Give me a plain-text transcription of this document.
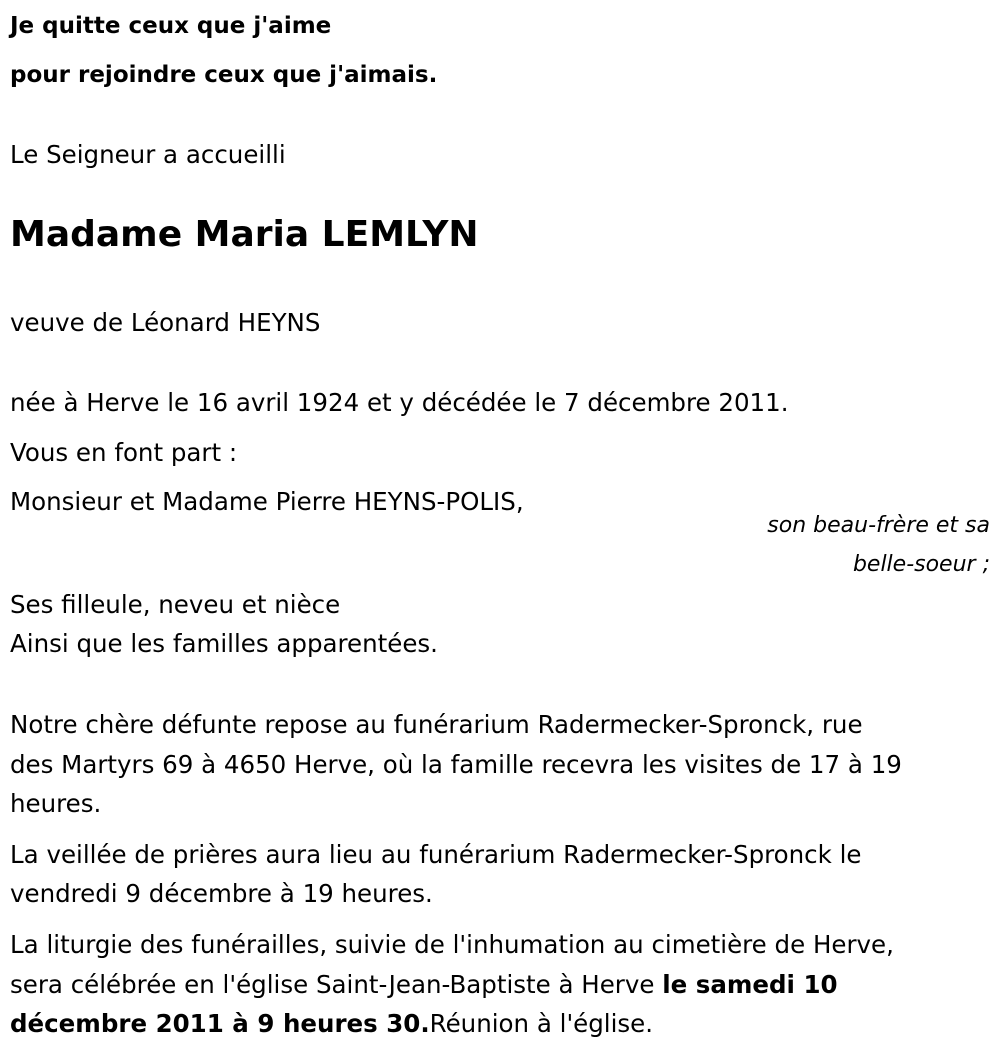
Je quitte ceux que j'aime

pour rejoindre ceux que j'aimais.

Le Seigneur a accueilli

Madame Maria LEMLYN

veuve de Léonard HEYNS

née à Herve le 16 avril 1924 et y décédée le 7 décembre 2011.

Vous en font part :

Monsieur et Madame Pierre HEYNS-POLIS,

son beau-frère et sa
belle-soeur ;

Ses filleule, neveu et nièce

Ainsi que les familles apparentées.

Notre chère défunte repose au funérarium Radermecker-Spronck, rue

des Martyrs 69 à 4650 Herve, où la famille recevra les visites de 17 à 19

heures.

La veillée de prières aura lieu au funérarium Radermecker-Spronck le

vendredi 9 décembre à 19 heures.

La liturgie des funérailles, suivie de l'inhumation au cimetière de Herve,

sera célébrée en l'église Saint-Jean-Baptiste à Herve le samedi 10

décembre 2011 à 9 heures 30.Réunion à l'église.
